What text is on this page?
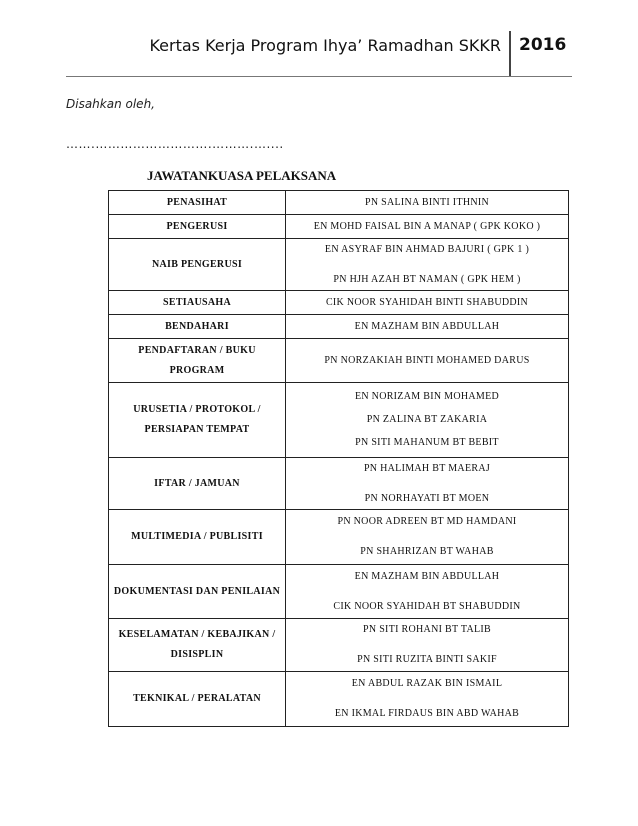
Kertas Kerja Program Ihya’ Ramadhan SKKR 2016
Disahkan oleh,
…….……………………….……….…....
JAWATANKUASA PELAKSANA
PENASIHAT	PN SALINA BINTI ITHNIN

PENGERUSI	EN MOHD FAISAL BIN A MANAP ( GPK KOKO )

NAIB PENGERUSI	EN ASYRAF BIN AHMAD BAJURI ( GPK 1 )
PN HJH AZAH BT NAMAN ( GPK HEM )

SETIAUSAHA	CIK NOOR SYAHIDAH BINTI SHABUDDIN

BENDAHARI	EN MAZHAM BIN ABDULLAH

PENDAFTARAN / BUKU PROGRAM	PN NORZAKIAH BINTI MOHAMED DARUS

URUSETIA / PROTOKOL / PERSIAPAN TEMPAT	EN NORIZAM BIN MOHAMED
PN ZALINA BT ZAKARIA
PN SITI MAHANUM BT BEBIT

IFTAR / JAMUAN	PN HALIMAH BT MAERAJ
PN NORHAYATI BT MOEN

MULTIMEDIA / PUBLISITI	PN NOOR ADREEN BT MD HAMDANI
PN SHAHRIZAN BT WAHAB

DOKUMENTASI DAN PENILAIAN	EN MAZHAM BIN ABDULLAH
CIK NOOR SYAHIDAH BT SHABUDDIN

KESELAMATAN / KEBAJIKAN / DISISPLIN	PN SITI ROHANI BT TALIB
PN SITI RUZITA BINTI SAKIF

TEKNIKAL / PERALATAN	EN ABDUL RAZAK BIN ISMAIL
EN IKMAL FIRDAUS BIN ABD WAHAB
